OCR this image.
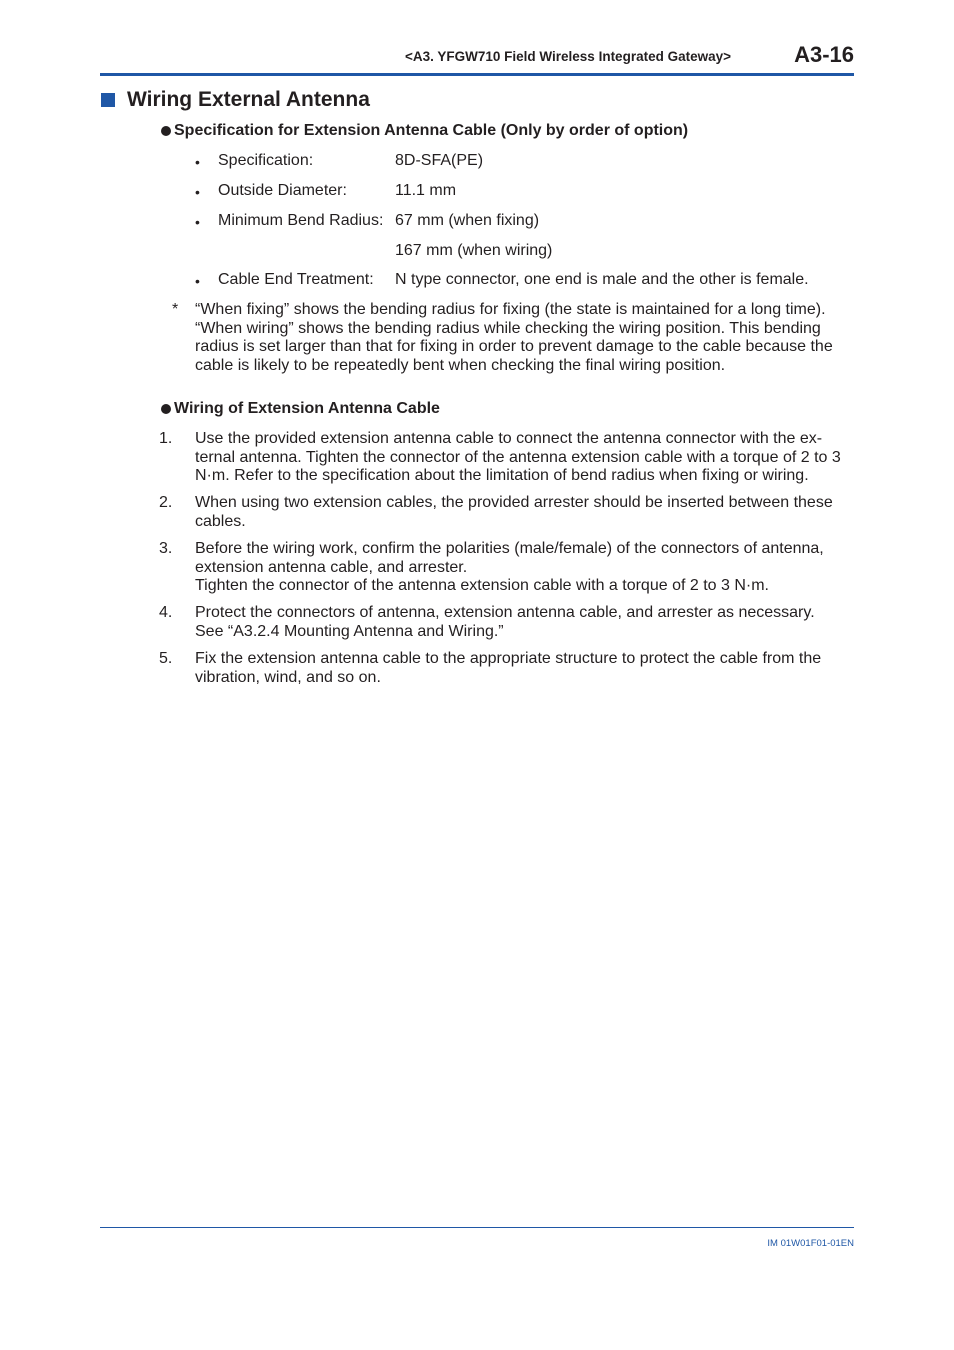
<A3. YFGW710 Field Wireless Integrated Gateway>	A3-16
Wiring External Antenna
Specification for Extension Antenna Cable (Only by order of option)
• Specification:	8D-SFA(PE)
• Outside Diameter:	11.1 mm
• Minimum Bend Radius: 67 mm (when fixing)
167 mm (when wiring)
• Cable End Treatment: N type connector, one end is male and the other is female.
* “When fixing” shows the bending radius for fixing (the state is maintained for a long time).
“When wiring” shows the bending radius while checking the wiring position. This bending
radius is set larger than that for fixing in order to prevent damage to the cable because the
cable is likely to be repeatedly bent when checking the final wiring position.
Wiring of Extension Antenna Cable
1. Use the provided extension antenna cable to connect the antenna connector with the ex-
ternal antenna. Tighten the connector of the antenna extension cable with a torque of 2 to 3
N·m. Refer to the specification about the limitation of bend radius when fixing or wiring.
2. When using two extension cables, the provided arrester should be inserted between these
cables.
3. Before the wiring work, confirm the polarities (male/female) of the connectors of antenna,
extension antenna cable, and arrester.
Tighten the connector of the antenna extension cable with a torque of 2 to 3 N·m.
4. Protect the connectors of antenna, extension antenna cable, and arrester as necessary.
See “A3.2.4 Mounting Antenna and Wiring.”
5. Fix the extension antenna cable to the appropriate structure to protect the cable from the
vibration, wind, and so on.
IM 01W01F01-01EN
